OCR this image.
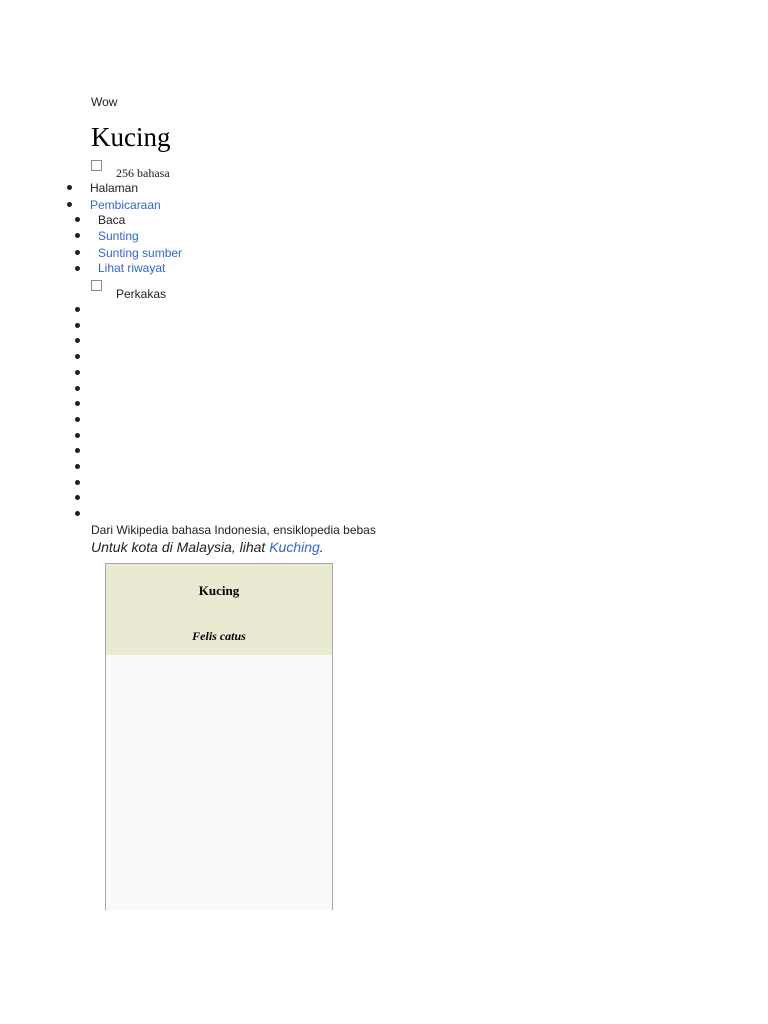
Wow
Kucing
256 bahasa
Halaman
Pembicaraan
Baca
Sunting
Sunting sumber
Lihat riwayat
Perkakas
Dari Wikipedia bahasa Indonesia, ensiklopedia bebas
Untuk kota di Malaysia, lihat Kuching.
Kucing
Felis catus
